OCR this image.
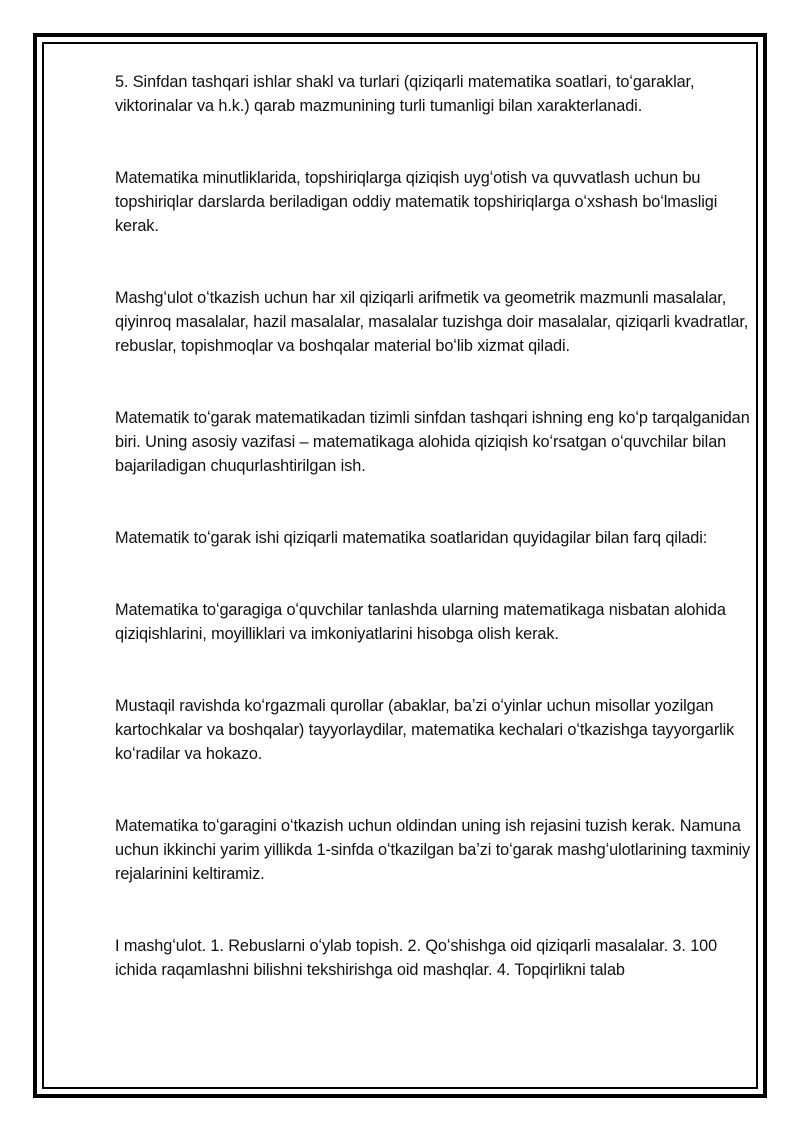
5. Sinfdan tashqari ishlar shakl va turlari (qiziqarli matematika soatlari, toʻgaraklar, viktorinalar va h.k.) qarab mazmunining turli tumanligi bilan xarakterlanadi.

Matematika minutliklarida, topshiriqlarga qiziqish uygʻotish va quvvatlash uchun bu topshiriqlar darslarda beriladigan oddiy matematik topshiriqlarga oʻxshash boʻlmasligi kerak.

Mashgʻulot oʻtkazish uchun har xil qiziqarli arifmetik va geometrik mazmunli masalalar, qiyinroq masalalar, hazil masalalar, masalalar tuzishga doir masalalar, qiziqarli kvadratlar, rebuslar, topishmoqlar va boshqalar material boʻlib xizmat qiladi.

Matematik toʻgarak matematikadan tizimli sinfdan tashqari ishning eng koʻp tarqalganidan biri. Uning asosiy vazifasi – matematikaga alohida qiziqish koʻrsatgan oʻquvchilar bilan bajariladigan chuqurlashtirilgan ish.

Matematik toʻgarak ishi qiziqarli matematika soatlaridan quyidagilar bilan farq qiladi:

Matematika toʻgaragiga oʻquvchilar tanlashda ularning matematikaga nisbatan alohida qiziqishlarini, moyilliklari va imkoniyatlarini hisobga olish kerak.

Mustaqil ravishda koʻrgazmali qurollar (abaklar, baʼzi oʻyinlar uchun misollar yozilgan kartochkalar va boshqalar) tayyorlaydilar, matematika kechalari oʻtkazishga tayyorgarlik koʻradilar va hokazo.

Matematika toʻgaragini oʻtkazish uchun oldindan uning ish rejasini tuzish kerak. Namuna uchun ikkinchi yarim yillikda 1-sinfda oʻtkazilgan baʼzi toʻgarak mashgʻulotlarining taxminiy rejalarinini keltiramiz.

I mashgʻulot. 1. Rebuslarni oʻylab topish. 2. Qoʻshishga oid qiziqarli masalalar. 3. 100 ichida raqamlashni bilishni tekshirishga oid mashqlar. 4. Topqirlikni talab
